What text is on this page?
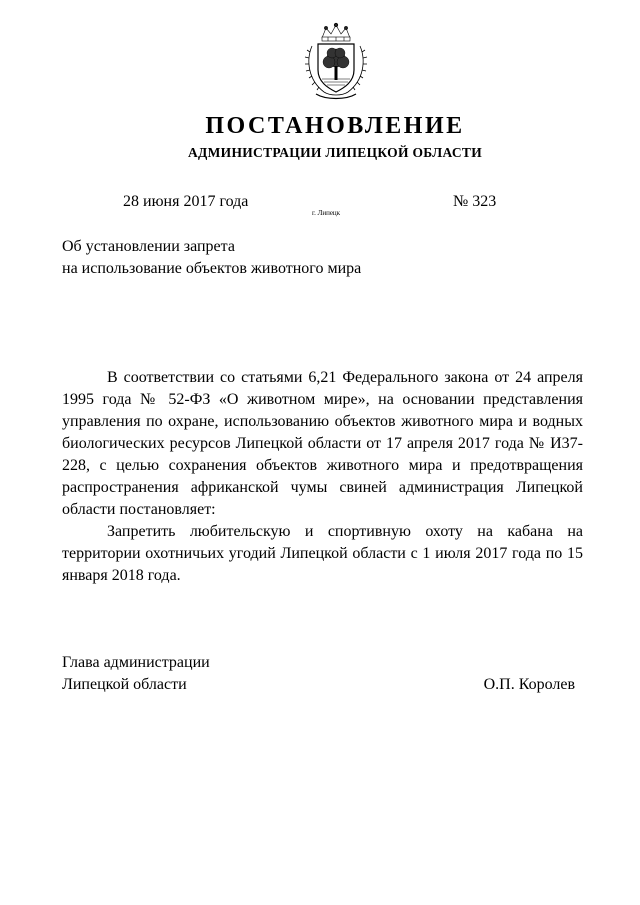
ПОСТАНОВЛЕНИЕ
АДМИНИСТРАЦИИ ЛИПЕЦКОЙ ОБЛАСТИ
28 июня 2017 года
г. Липецк
№ 323
Об установлении запрета
на использование объектов животного мира

В соответствии со статьями 6,21 Федерального закона от 24 апреля 1995 года № 52-ФЗ «О животном мире», на основании представления управления по охране, использованию объектов животного мира и водных биологических ресурсов Липецкой области от 17 апреля 2017 года № И37-228, с целью сохранения объектов животного мира и предотвращения распространения африканской чумы свиней администрация Липецкой области постановляет:

Запретить любительскую и спортивную охоту на кабана на территории охотничьих угодий Липецкой области с 1 июля 2017 года по 15 января 2018 года.

Глава администрации
Липецкой области	О.П. Королев
